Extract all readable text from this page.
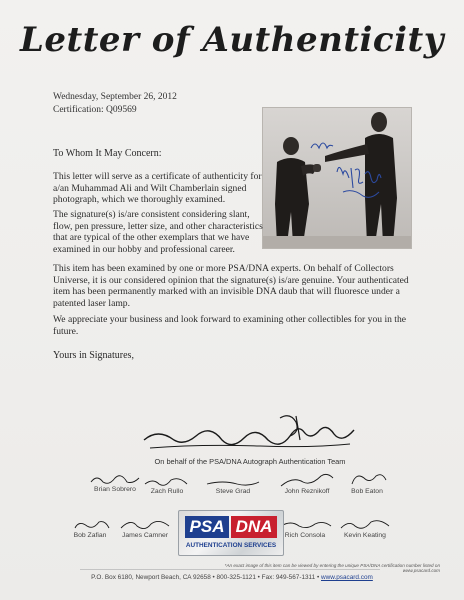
Letter of Authenticity
Wednesday, September 26, 2012
Certification: Q09569
To Whom It May Concern:
This letter will serve as a certificate of authenticity for a/an Muhammad Ali and Wilt Chamberlain signed photograph, which we thoroughly examined.
The signature(s) is/are consistent considering slant, flow, pen pressure, letter size, and other characteristics that are typical of the other exemplars that we have examined in our hobby and professional career.
This item has been examined by one or more PSA/DNA experts. On behalf of Collectors Universe, it is our considered opinion that the signature(s) is/are genuine. Your authenticated item has been permanently marked with an invisible DNA daub that will fluoresce under a patented laser lamp.
We appreciate your business and look forward to examining other collectibles for you in the future.
Yours in Signatures,
On behalf of the PSA/DNA Autograph Authentication Team
Brian Sobrero	Zach Rullo	Steve Grad	John Reznikoff	Bob Eaton
Bob Zafian	James Camner	Rich Consola	Kevin Keating
PSA DNA
AUTHENTICATION SERVICES
*An exact image of this item can be viewed by entering the unique PSA/DNA certification number listed on www.psacard.com
P.O. Box 6180, Newport Beach, CA 92658 • 800-325-1121 • Fax: 949-567-1311 • www.psacard.com
